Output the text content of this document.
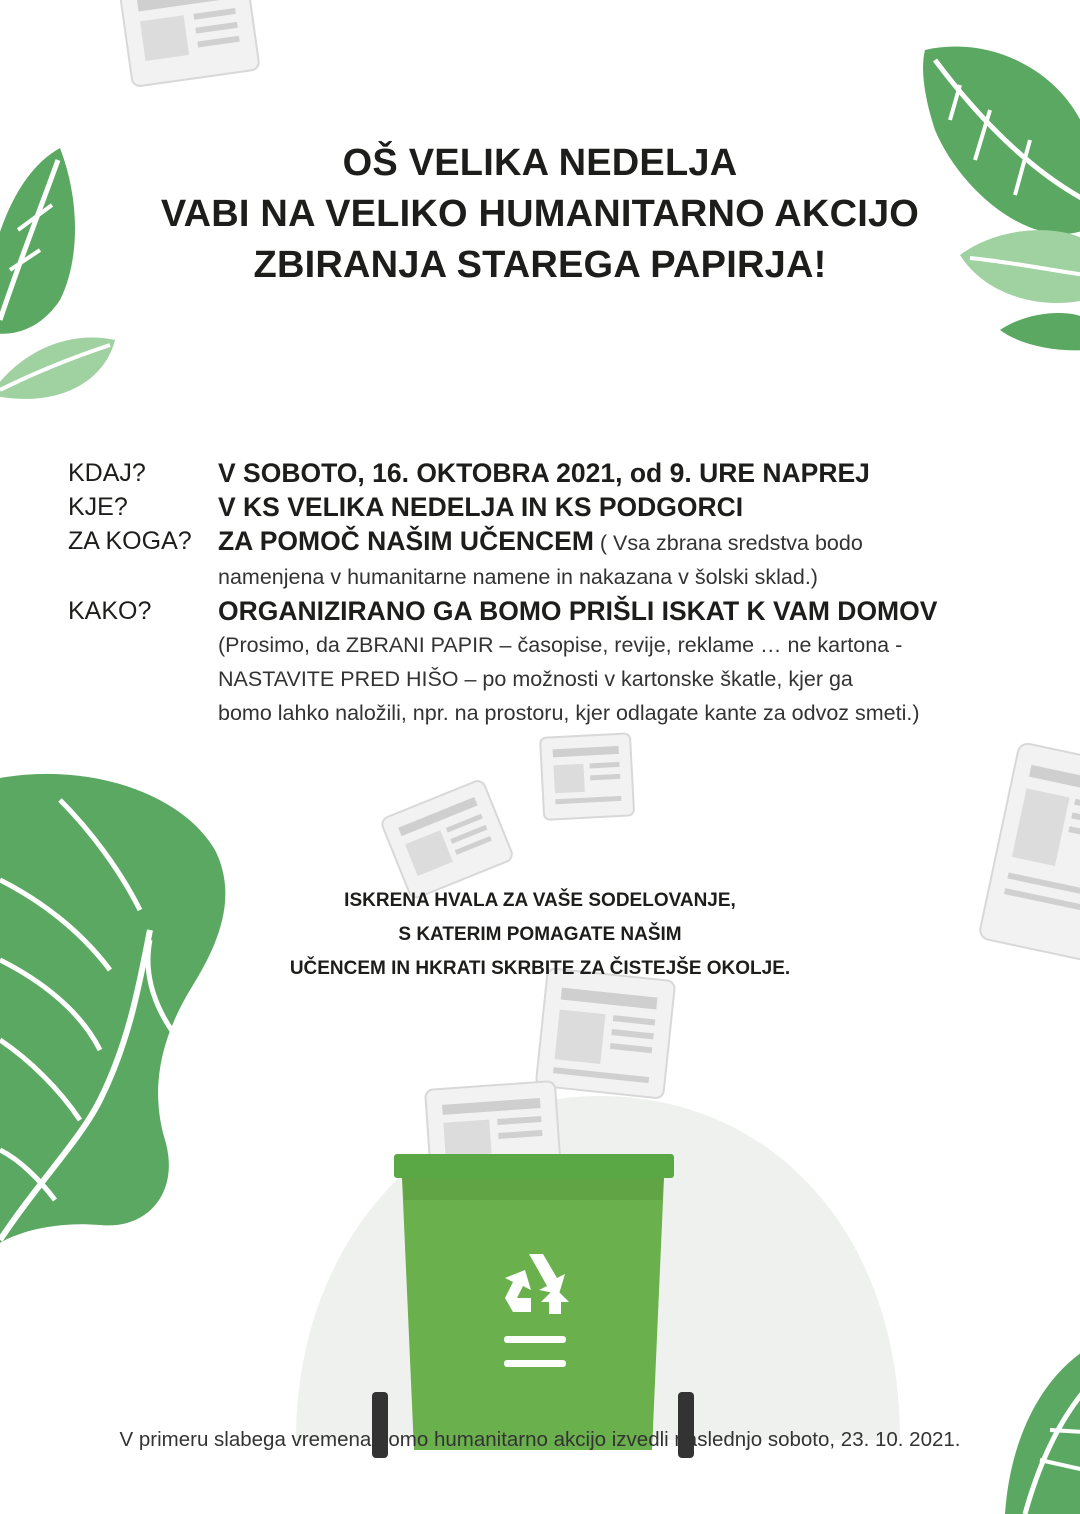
OŠ VELIKA NEDELJA
VABI NA VELIKO HUMANITARNO AKCIJO
ZBIRANJA STAREGA PAPIRJA!
KDAJ?	V SOBOTO, 16. OKTOBRA 2021, od 9. URE NAPREJ
KJE?	V KS VELIKA NEDELJA IN KS PODGORCI
ZA KOGA? ZA POMOČ NAŠIM UČENCEM ( Vsa zbrana sredstva bodo
namenjena v humanitarne namene in nakazana v šolski sklad.)
KAKO?	ORGANIZIRANO GA BOMO PRIŠLI ISKAT K VAM DOMOV
(Prosimo, da ZBRANI PAPIR – časopise, revije, reklame … ne kartona -
NASTAVITE PRED HIŠO – po možnosti v kartonske škatle, kjer ga
bomo lahko naložili, npr. na prostoru, kjer odlagate kante za odvoz smeti.)
ISKRENA HVALA ZA VAŠE SODELOVANJE,
S KATERIM POMAGATE NAŠIM
UČENCEM IN HKRATI SKRBITE ZA ČISTEJŠE OKOLJE.
V primeru slabega vremena bomo humanitarno akcijo izvedli naslednjo soboto, 23. 10. 2021.
